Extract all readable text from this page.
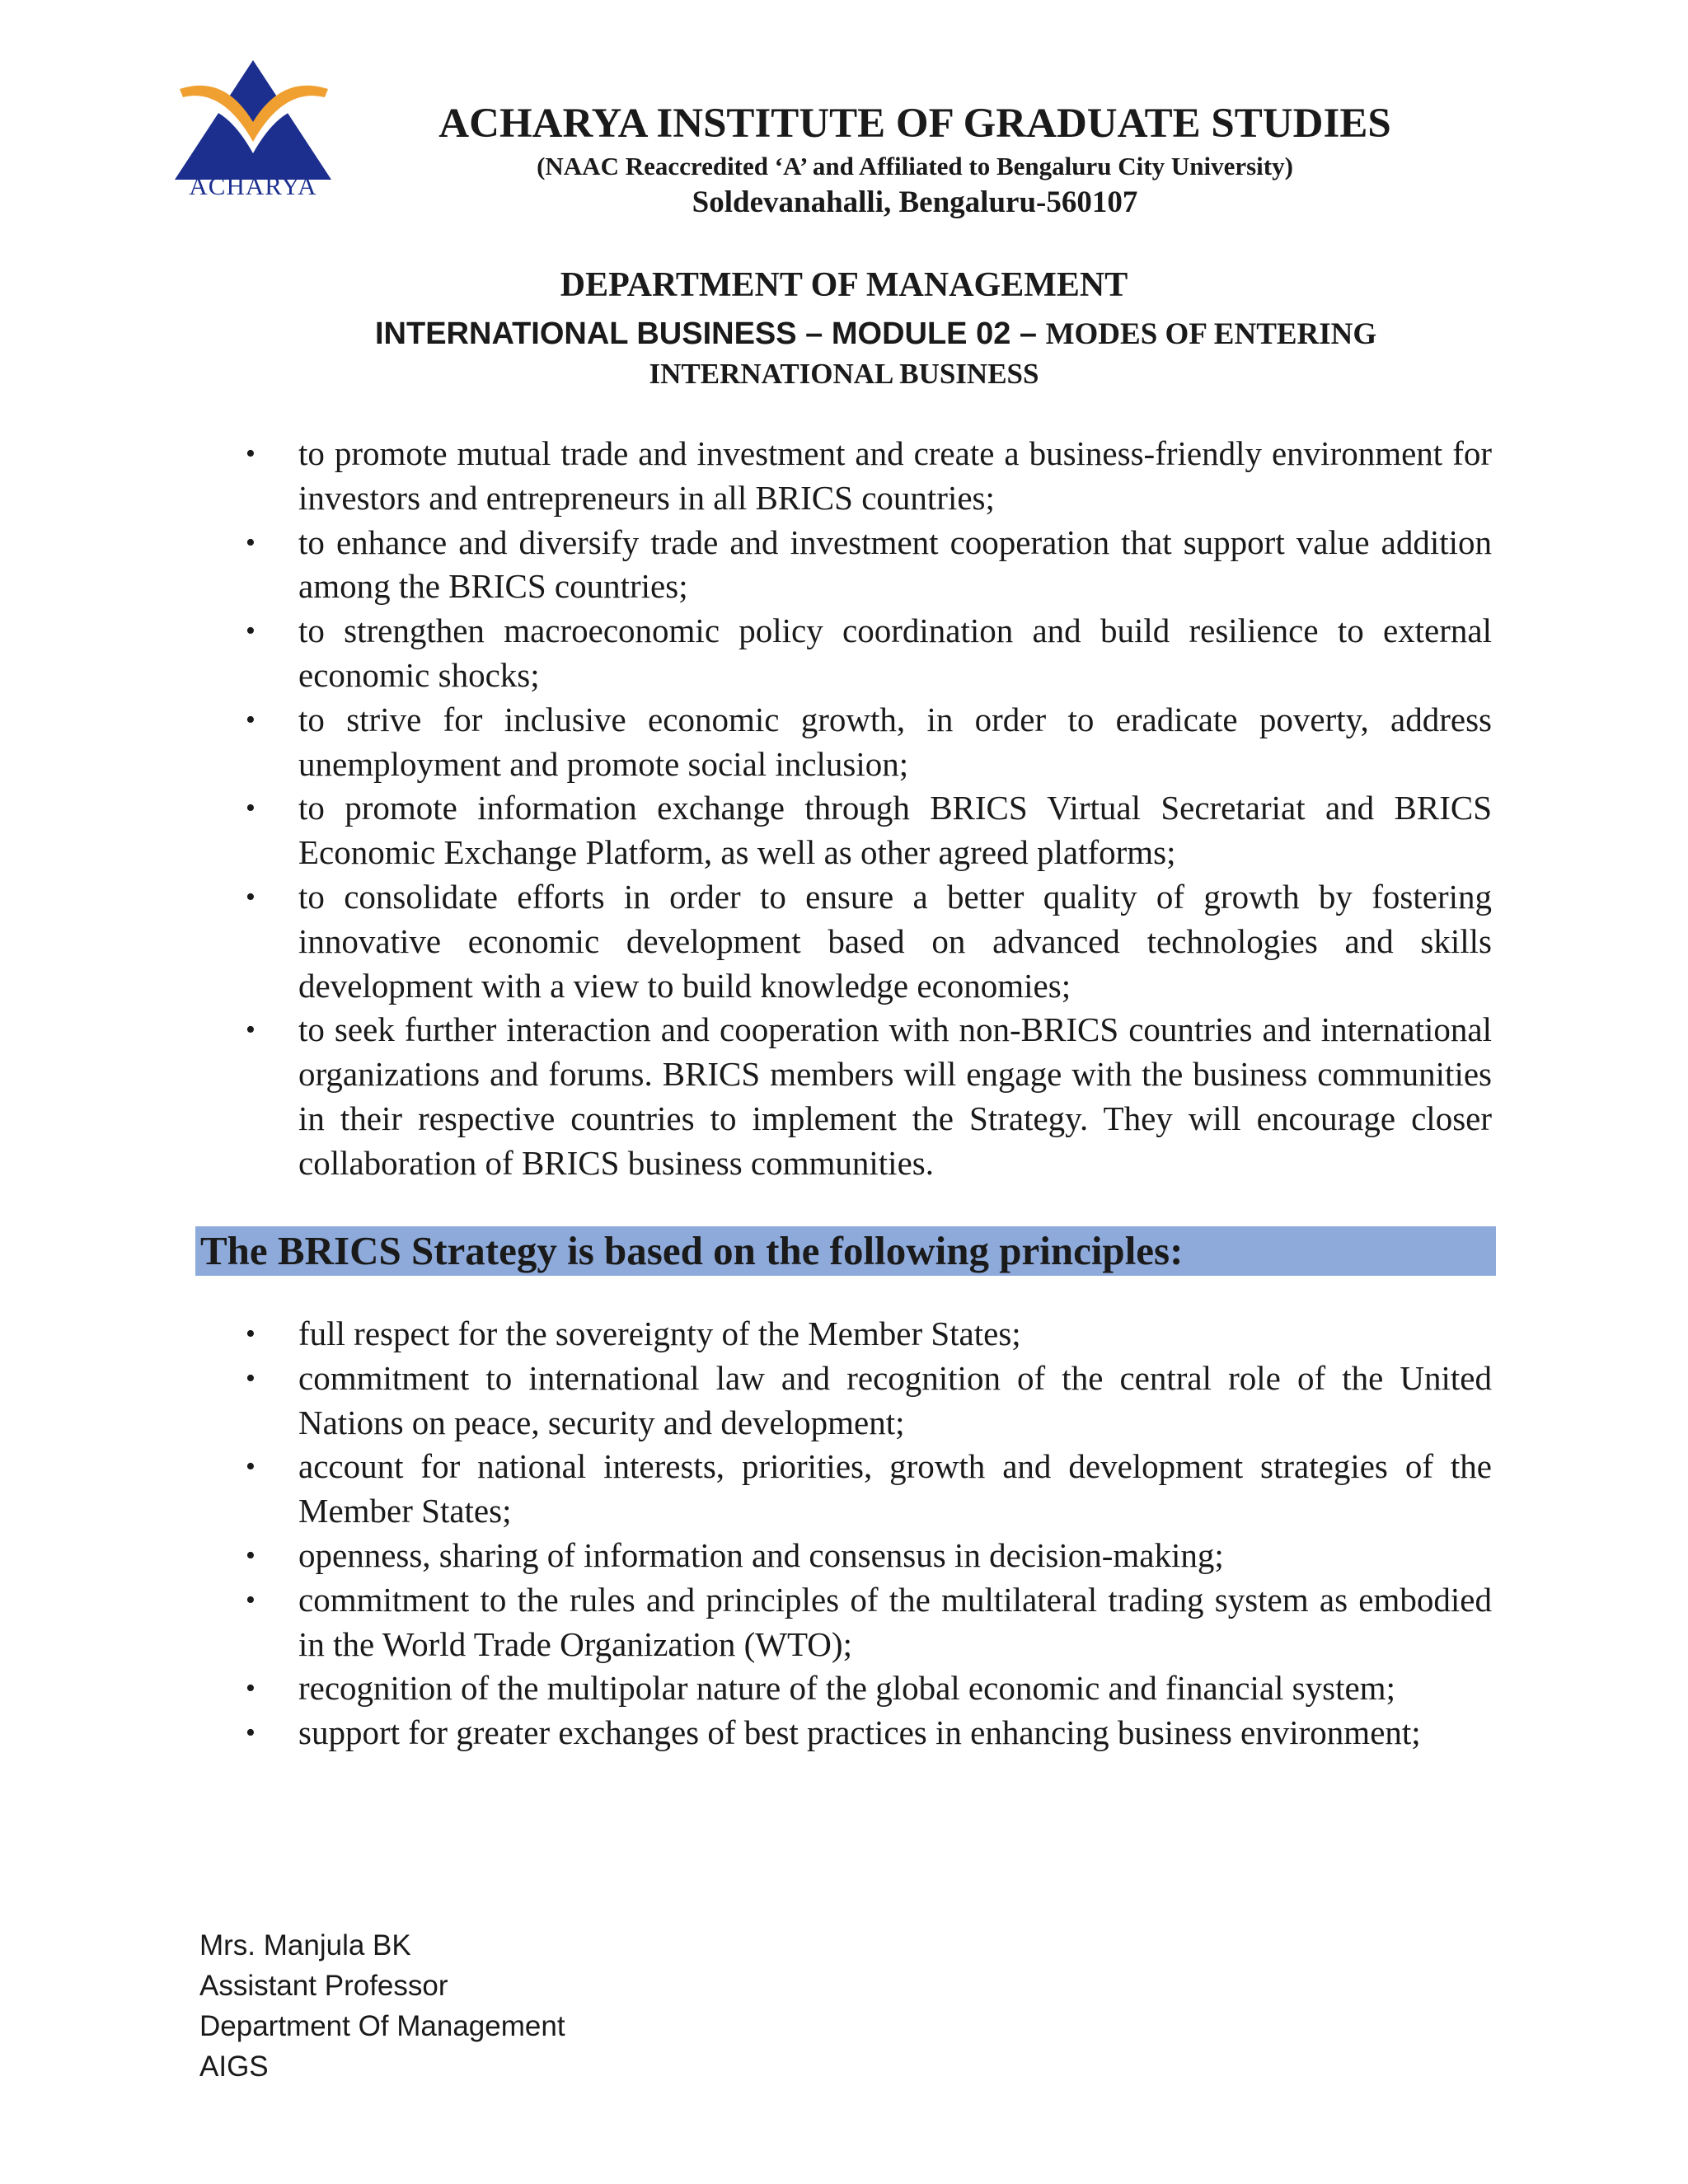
ACHARYA
ACHARYA INSTITUTE OF GRADUATE STUDIES
(NAAC Reaccredited ‘A’ and Affiliated to Bengaluru City University)
Soldevanahalli, Bengaluru-560107
DEPARTMENT OF MANAGEMENT
INTERNATIONAL BUSINESS – MODULE 02 – MODES OF ENTERING
INTERNATIONAL BUSINESS
• to promote mutual trade and investment and create a business-friendly environment for investors and entrepreneurs in all BRICS countries;
• to enhance and diversify trade and investment cooperation that support value addition among the BRICS countries;
• to strengthen macroeconomic policy coordination and build resilience to external economic shocks;
• to strive for inclusive economic growth, in order to eradicate poverty, address unemployment and promote social inclusion;
• to promote information exchange through BRICS Virtual Secretariat and BRICS Economic Exchange Platform, as well as other agreed platforms;
• to consolidate efforts in order to ensure a better quality of growth by fostering innovative economic development based on advanced technologies and skills development with a view to build knowledge economies;
• to seek further interaction and cooperation with non-BRICS countries and international organizations and forums. BRICS members will engage with the business communities in their respective countries to implement the Strategy. They will encourage closer collaboration of BRICS business communities.
The BRICS Strategy is based on the following principles:
• full respect for the sovereignty of the Member States;
• commitment to international law and recognition of the central role of the United Nations on peace, security and development;
• account for national interests, priorities, growth and development strategies of the Member States;
• openness, sharing of information and consensus in decision-making;
• commitment to the rules and principles of the multilateral trading system as embodied in the World Trade Organization (WTO);
• recognition of the multipolar nature of the global economic and financial system;
• support for greater exchanges of best practices in enhancing business environment;
Mrs. Manjula BK
Assistant Professor
Department Of Management
AIGS
